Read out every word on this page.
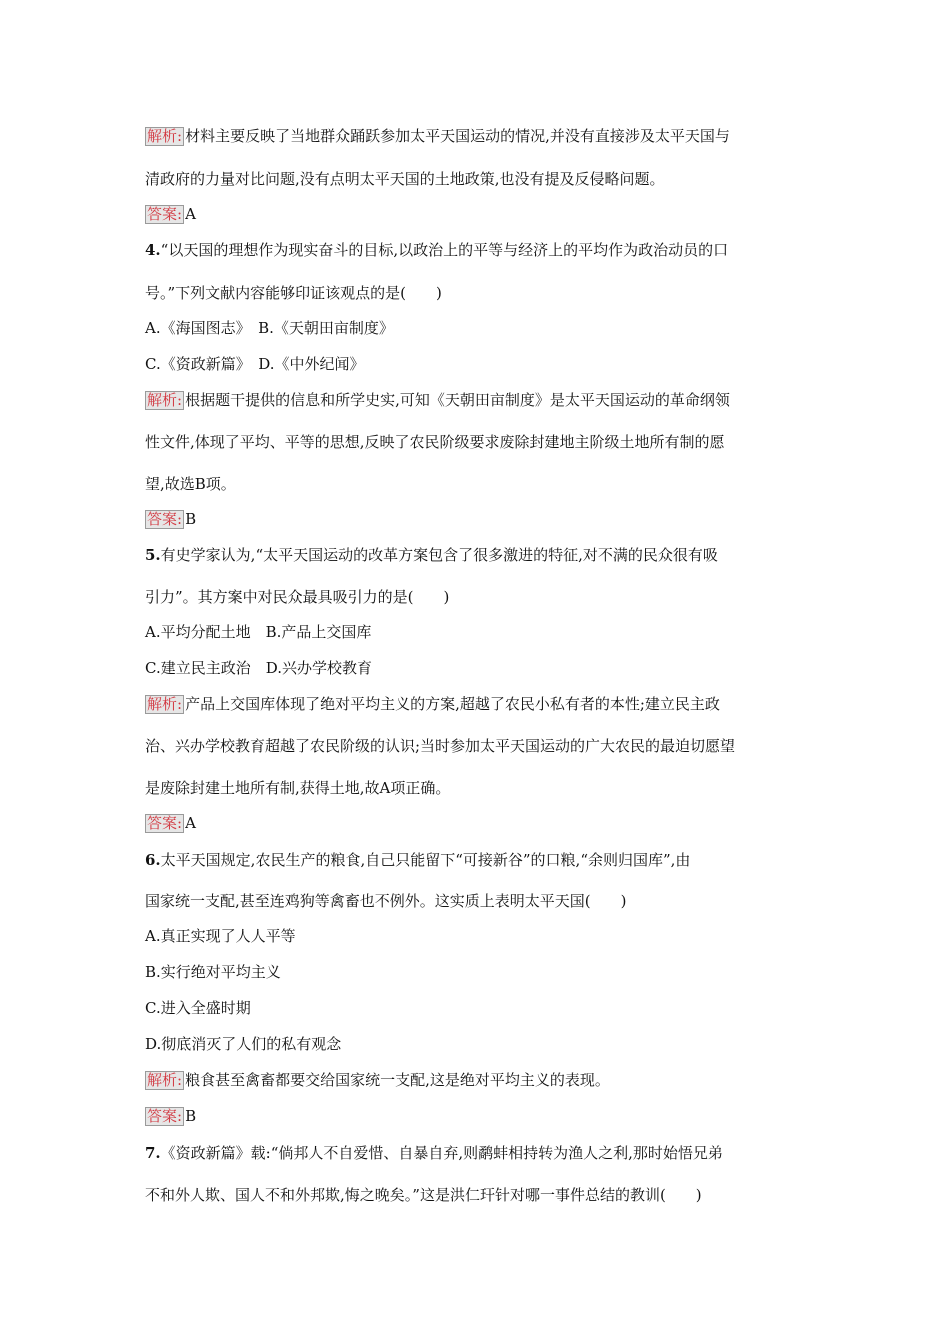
解析: 材料主要反映了当地群众踊跃参加太平天国运动的情况,并没有直接涉及太平天国与
清政府的力量对比问题,没有点明太平天国的土地政策,也没有提及反侵略问题。
答案: A
4.“以天国的理想作为现实奋斗的目标,以政治上的平等与经济上的平均作为政治动员的口
号。”下列文献内容能够印证该观点的是(　　)
A.《海国图志》　B.《天朝田亩制度》
C.《资政新篇》　D.《中外纪闻》
解析: 根据题干提供的信息和所学史实,可知《天朝田亩制度》是太平天国运动的革命纲领
性文件,体现了平均、平等的思想,反映了农民阶级要求废除封建地主阶级土地所有制的愿
望,故选B项。
答案: B
5.有史学家认为,“太平天国运动的改革方案包含了很多激进的特征,对不满的民众很有吸
引力”。其方案中对民众最具吸引力的是(　　)
A.平均分配土地　B.产品上交国库
C.建立民主政治　D.兴办学校教育
解析: 产品上交国库体现了绝对平均主义的方案,超越了农民小私有者的本性;建立民主政
治、兴办学校教育超越了农民阶级的认识;当时参加太平天国运动的广大农民的最迫切愿望
是废除封建土地所有制,获得土地,故A项正确。
答案: A
6.太平天国规定,农民生产的粮食,自己只能留下“可接新谷”的口粮,“余则归国库”,由
国家统一支配,甚至连鸡狗等禽畜也不例外。这实质上表明太平天国(　　)
A.真正实现了人人平等
B.实行绝对平均主义
C.进入全盛时期
D.彻底消灭了人们的私有观念
解析: 粮食甚至禽畜都要交给国家统一支配,这是绝对平均主义的表现。
答案: B
7.《资政新篇》载:“倘邦人不自爱惜、自暴自弃,则鹬蚌相持转为渔人之利,那时始悟兄弟
不和外人欺、国人不和外邦欺,悔之晚矣。”这是洪仁玕针对哪一事件总结的教训(　　)
